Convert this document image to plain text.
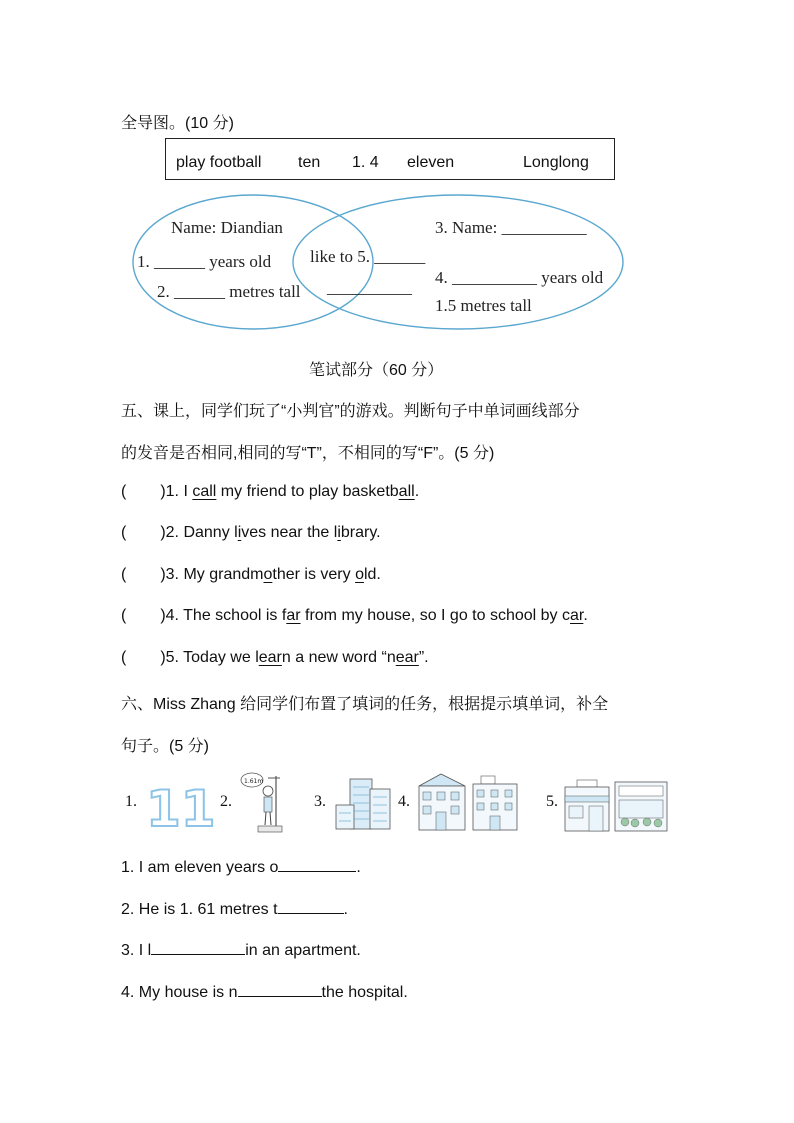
全导图。(10 分)
play football ten 1. 4 eleven	Longlong
Name: Diandian
1. ______ years old
2. ______ metres tall
like to 5. ______
__________
3. Name: __________
4. __________ years old
1.5 metres tall
笔试部分（60 分）
五、课上，同学们玩了“小判官”的游戏。判断句子中单词画线部分
的发音是否相同,相同的写“T”，不相同的写“F”。(5 分)
( )1. I call my friend to play basketball.
( )2. Danny lives near the library.
( )3. My grandmother is very old.
( )4. The school is far from my house, so I go to school by car.
( )5. Today we learn a new word “near”.
六、Miss Zhang 给同学们布置了填词的任务，根据提示填单词，补全
句子。(5 分)
1. 11 2.
1.61m
3.	4.	5.
1. I am eleven years o	.
2. He is 1. 61 metres t	.
3. I l	in an apartment.
4. My house is n	the hospital.
